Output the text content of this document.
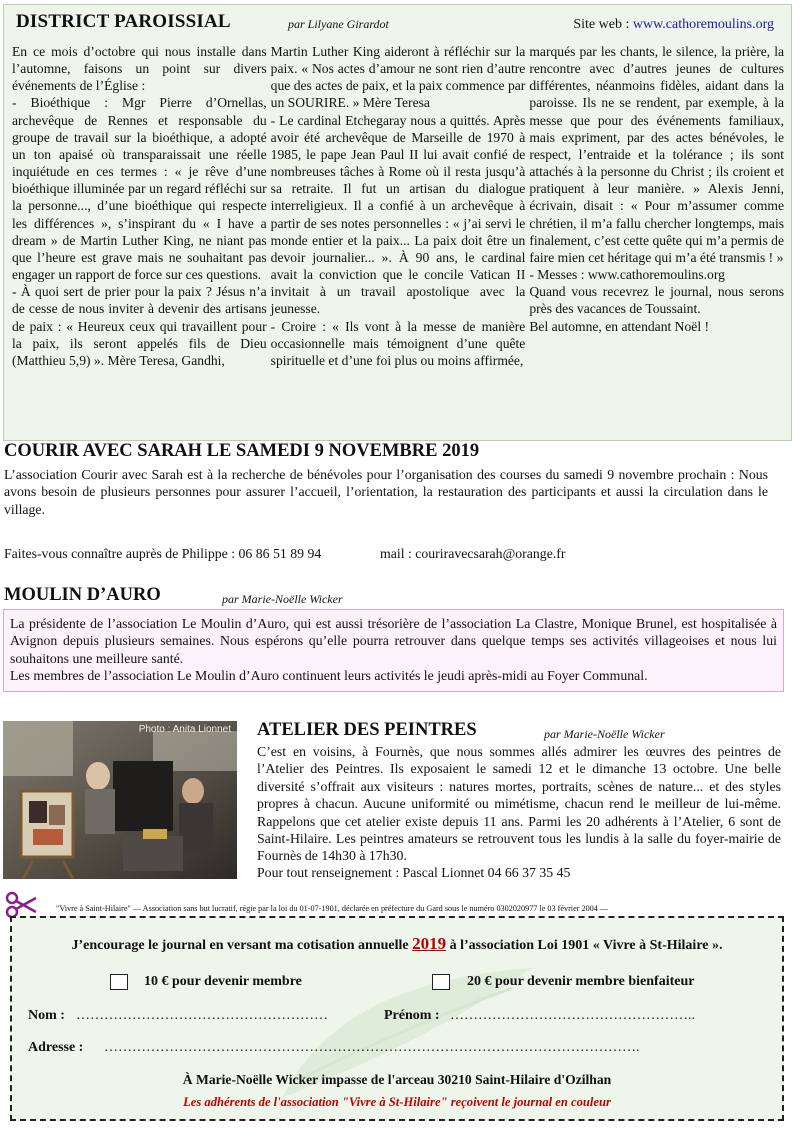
DISTRICT PAROISSIAL	par Lilyane Girardot	Site web : www.cathoremoulins.org
En ce mois d’octobre qui nous installe dans l’automne, faisons un point sur divers événements de l’Église :
- Bioéthique : Mgr Pierre d’Ornellas, archevêque de Rennes et responsable du groupe de travail sur la bioéthique, a adopté un ton apaisé où transparaissait une réelle inquiétude en ces termes : « je rêve d’une bioéthique illuminée par un regard réfléchi sur la personne..., d’une bioéthique qui respecte les différences », s’inspirant du « I have a dream » de Martin Luther King, ne niant pas que l’heure est grave mais ne souhaitant pas engager un rapport de force sur ces questions.
- À quoi sert de prier pour la paix ? Jésus n’a de cesse de nous inviter à devenir des artisans de paix : « Heureux ceux qui travaillent pour la paix, ils seront appelés fils de Dieu (Matthieu 5,9) ». Mère Teresa, Gandhi,
Martin Luther King aideront à réfléchir sur la paix. « Nos actes d’amour ne sont rien d’autre que des actes de paix, et la paix commence par un SOURIRE. » Mère Teresa
- Le cardinal Etchegaray nous a quittés. Après avoir été archevêque de Marseille de 1970 à 1985, le pape Jean Paul II lui avait confié de nombreuses tâches à Rome où il resta jusqu’à sa retraite. Il fut un artisan du dialogue interreligieux. Il a confié à un archevêque à partir de ses notes personnelles : « j’ai servi le monde entier et la paix... La paix doit être un devoir journalier... ». À 90 ans, le cardinal avait la conviction que le concile Vatican II invitait à un travail apostolique avec la jeunesse.
- Croire : « Ils vont à la messe de manière occasionnelle mais témoignent d’une quête spirituelle et d’une foi plus ou moins affirmée,
marqués par les chants, le silence, la prière, la rencontre avec d’autres jeunes de cultures différentes, néanmoins fidèles, aidant dans la paroisse. Ils ne se rendent, par exemple, à la messe que pour des événements familiaux, mais expriment, par des actes bénévoles, le respect, l’entraide et la tolérance ; ils sont attachés à la personne du Christ ; ils croient et pratiquent à leur manière. » Alexis Jenni, écrivain, disait : « Pour m’assumer comme chrétien, il m’a fallu chercher longtemps, mais finalement, c’est cette quête qui m’a permis de faire mien cet héritage qui m’a été transmis ! »
- Messes : www.cathoremoulins.org
Quand vous recevrez le journal, nous serons près des vacances de Toussaint.
Bel automne, en attendant Noël !
COURIR AVEC SARAH LE SAMEDI 9 NOVEMBRE 2019

L’association Courir avec Sarah est à la recherche de bénévoles pour l’organisation des courses du samedi 9 novembre prochain : Nous avons besoin de plusieurs personnes pour assurer l’accueil, l’orientation, la restauration des participants et aussi la circulation dans le village.

Faites-vous connaître auprès de Philippe : 06 86 51 89 94	mail : couriravecsarah@orange.fr
MOULIN D’AURO	par Marie-Noëlle Wicker

La présidente de l’association Le Moulin d’Auro, qui est aussi trésorière de l’association La Clastre, Monique Brunel, est hospitalisée à Avignon depuis plusieurs semaines. Nous espérons qu’elle pourra retrouver dans quelque temps ses activités villageoises et nous lui souhaitons une meilleure santé.

Les membres de l’association Le Moulin d’Auro continuent leurs activités le jeudi après-midi au Foyer Communal.

Photo : Anita Lionnet ATELIER DES PEINTRES	par Marie-Noëlle Wicker

C’est en voisins, à Fournès, que nous sommes allés admirer les œuvres des peintres de l’Atelier des Peintres. Ils exposaient le samedi 12 et le dimanche 13 octobre. Une belle diversité s’offrait aux visiteurs : natures mortes, portraits, scènes de nature... et des styles propres à chacun. Aucune uniformité ou mimétisme, chacun rend le meilleur de lui-même. Rappelons que cet atelier existe depuis 11 ans. Parmi les 20 adhérents à l’Atelier, 6 sont de Saint-Hilaire. Les peintres amateurs se retrouvent tous les lundis à la salle du foyer-mairie de Fournès de 14h30 à 17h30.

Pour tout renseignement : Pascal Lionnet 04 66 37 35 45
"Vivre à Saint-Hilaire" — Association sans but lucratif, régie par la loi du 01-07-1901, déclarée en préfecture du Gard sous le numéro 0302020977 le 03 février 2004 —
J’encourage le journal en versant ma cotisation annuelle 2019 à l’association Loi 1901 « Vivre à St-Hilaire ».
10 € pour devenir membre	20 € pour devenir membre bienfaiteur
Nom : ………………………………………………	Prénom : ……………………………………………..
Adresse : …………………………………………………………………………………………………….
À Marie-Noëlle Wicker impasse de l'arceau 30210 Saint-Hilaire d'Ozilhan
Les adhérents de l'association "Vivre à St-Hilaire" reçoivent le journal en couleur
